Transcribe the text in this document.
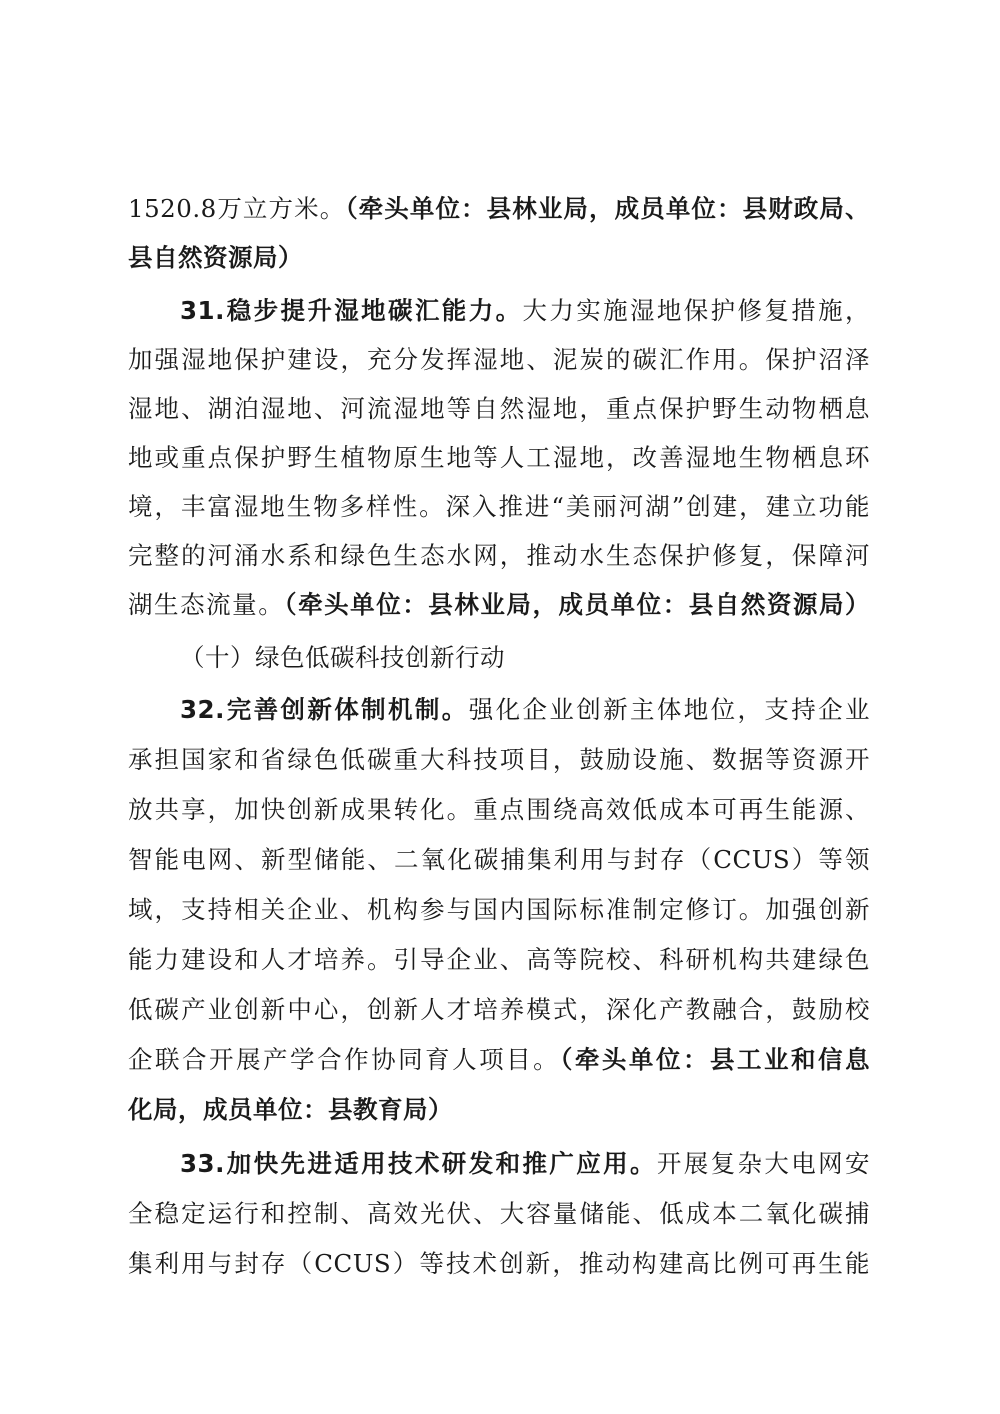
1520.8万立方米。（牵头单位：县林业局，成员单位：县财政局、
县自然资源局）
31.稳步提升湿地碳汇能力。大力实施湿地保护修复措施，
加强湿地保护建设，充分发挥湿地、泥炭的碳汇作用。保护沼泽
湿地、湖泊湿地、河流湿地等自然湿地，重点保护野生动物栖息
地或重点保护野生植物原生地等人工湿地，改善湿地生物栖息环
境，丰富湿地生物多样性。深入推进“美丽河湖”创建，建立功能
完整的河涌水系和绿色生态水网，推动水生态保护修复，保障河
湖生态流量。（牵头单位：县林业局，成员单位：县自然资源局）
（十）绿色低碳科技创新行动
32.完善创新体制机制。强化企业创新主体地位，支持企业
承担国家和省绿色低碳重大科技项目，鼓励设施、数据等资源开
放共享，加快创新成果转化。重点围绕高效低成本可再生能源、
智能电网、新型储能、二氧化碳捕集利用与封存（CCUS）等领
域，支持相关企业、机构参与国内国际标准制定修订。加强创新
能力建设和人才培养。引导企业、高等院校、科研机构共建绿色
低碳产业创新中心，创新人才培养模式，深化产教融合，鼓励校
企联合开展产学合作协同育人项目。（牵头单位：县工业和信息
化局，成员单位：县教育局）
33.加快先进适用技术研发和推广应用。开展复杂大电网安
全稳定运行和控制、高效光伏、大容量储能、低成本二氧化碳捕
集利用与封存（CCUS）等技术创新，推动构建高比例可再生能
